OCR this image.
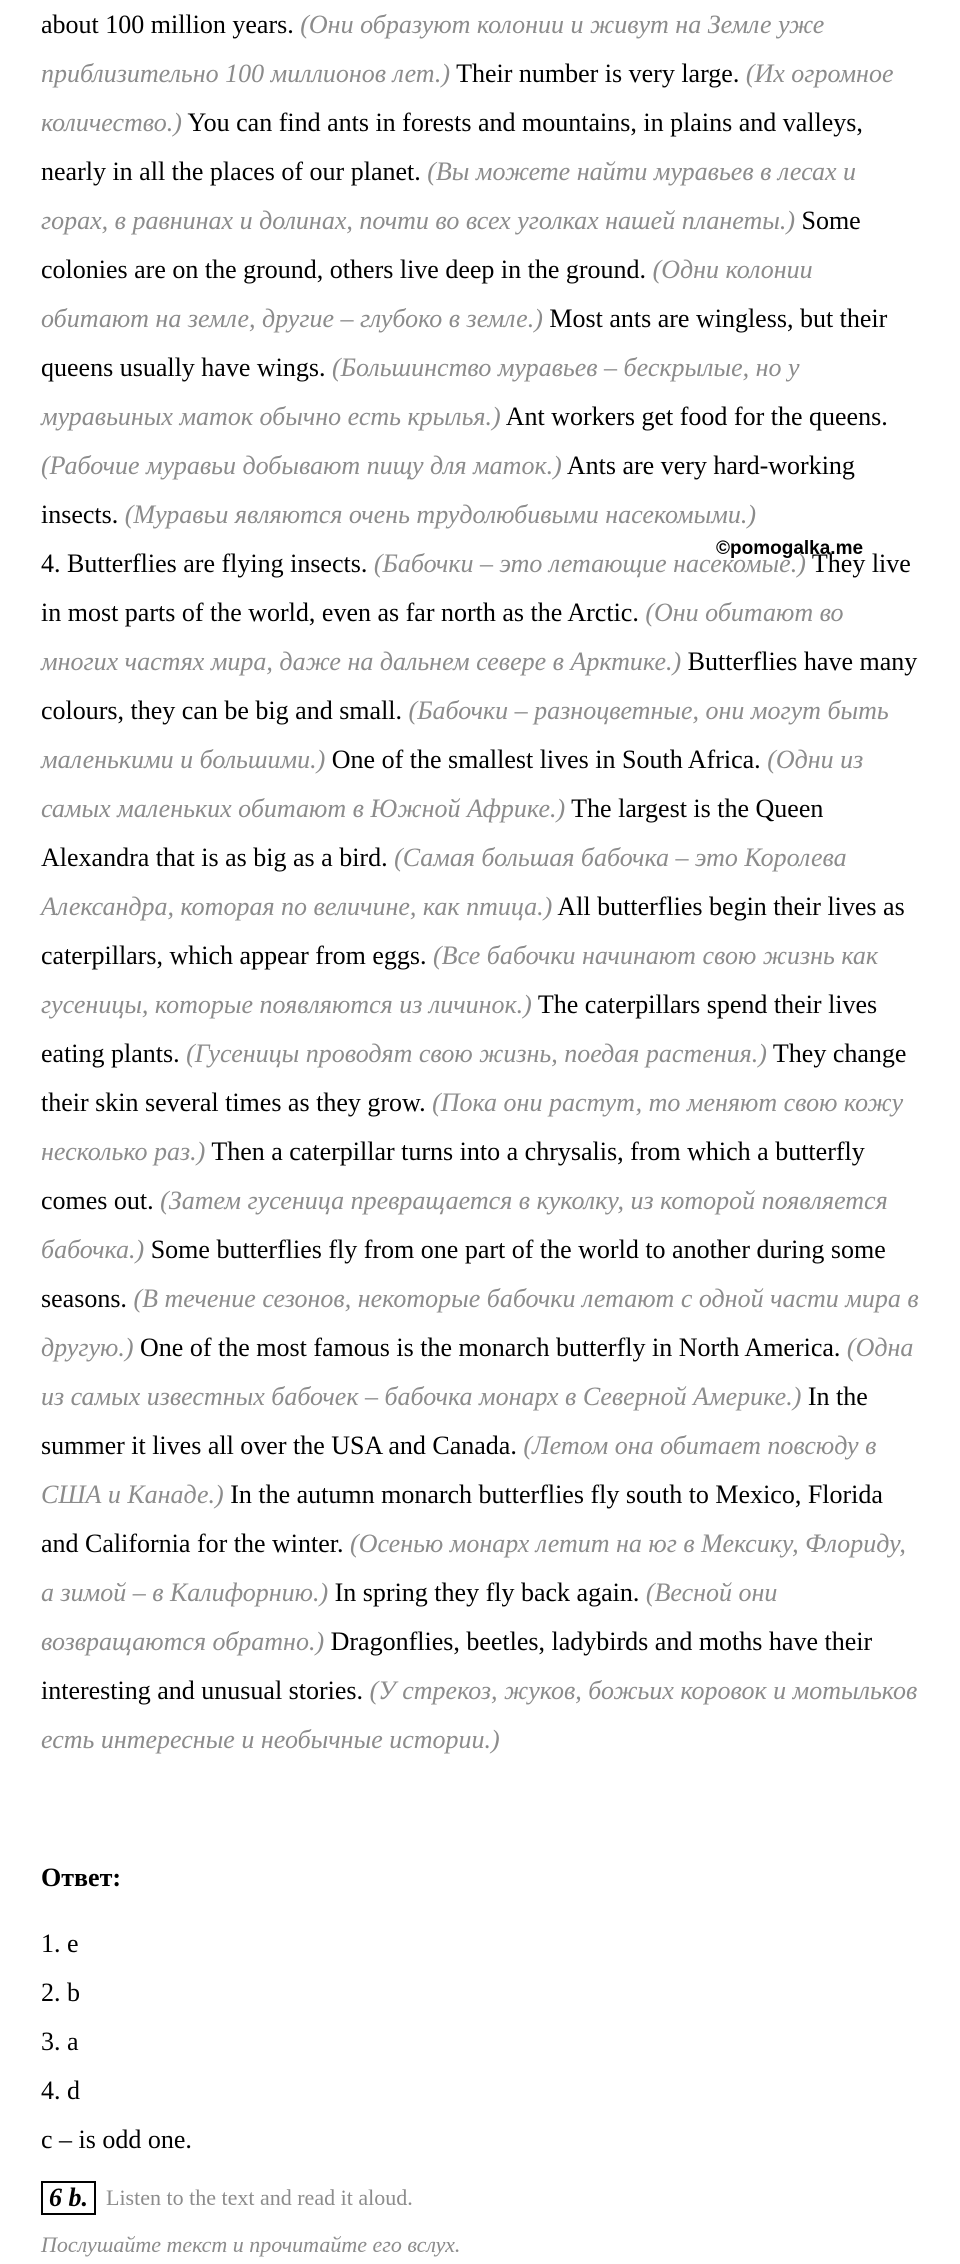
about 100 million years. (Они образуют колонии и живут на Земле уже приблизительно 100 миллионов лет.) Their number is very large. (Их огромное количество.) You can find ants in forests and mountains, in plains and valleys, nearly in all the places of our planet. (Вы можете найти муравьев в лесах и горах, в равнинах и долинах, почти во всех уголках нашей планеты.) Some colonies are on the ground, others live deep in the ground. (Одни колонии обитают на земле, другие – глубоко в земле.) Most ants are wingless, but their queens usually have wings. (Большинство муравьев – бескрылые, но у муравьиных маток обычно есть крылья.) Ant workers get food for the queens. (Рабочие муравьи добывают пищу для маток.) Ants are very hard-working insects. (Муравьи являются очень трудолюбивыми насекомыми.)

4. Butterflies are flying insects. (Бабочки – это летающие насекомые.) They live in most parts of the world, even as far north as the Arctic. (Они обитают во многих частях мира, даже на дальнем севере в Арктике.) Butterflies have many colours, they can be big and small. (Бабочки – разноцветные, они могут быть маленькими и большими.) One of the smallest lives in South Africa. (Одни из самых маленьких обитают в Южной Африке.) The largest is the Queen Alexandra that is as big as a bird. (Самая большая бабочка – это Королева Александра, которая по величине, как птица.) All butterflies begin their lives as caterpillars, which appear from eggs. (Все бабочки начинают свою жизнь как гусеницы, которые появляются из личинок.) The caterpillars spend their lives eating plants. (Гусеницы проводят свою жизнь, поедая растения.) They change their skin several times as they grow. (Пока они растут, то меняют свою кожу несколько раз.) Then a caterpillar turns into a chrysalis, from which a butterfly comes out. (Затем гусеница превращается в куколку, из которой появляется бабочка.) Some butterflies fly from one part of the world to another during some seasons. (В течение сезонов, некоторые бабочки летают с одной части мира в другую.) One of the most famous is the monarch butterfly in North America. (Одна из самых известных бабочек – бабочка монарх в Северной Америке.) In the summer it lives all over the USA and Canada. (Летом она обитает повсюду в США и Канаде.) In the autumn monarch butterflies fly south to Mexico, Florida and California for the winter. (Осенью монарх летит на юг в Мексику, Флориду, а зимой – в Калифорнию.) In spring they fly back again. (Весной они возвращаются обратно.) Dragonflies, beetles, ladybirds and moths have their interesting and unusual stories. (У стрекоз, жуков, божьих коровок и мотыльков есть интересные и необычные истории.)

Ответ:

1. e
2. b
3. a
4. d
c – is odd one.
6 b. Listen to the text and read it aloud.
Послушайте текст и прочитайте его вслух.
©pomogalka.me
